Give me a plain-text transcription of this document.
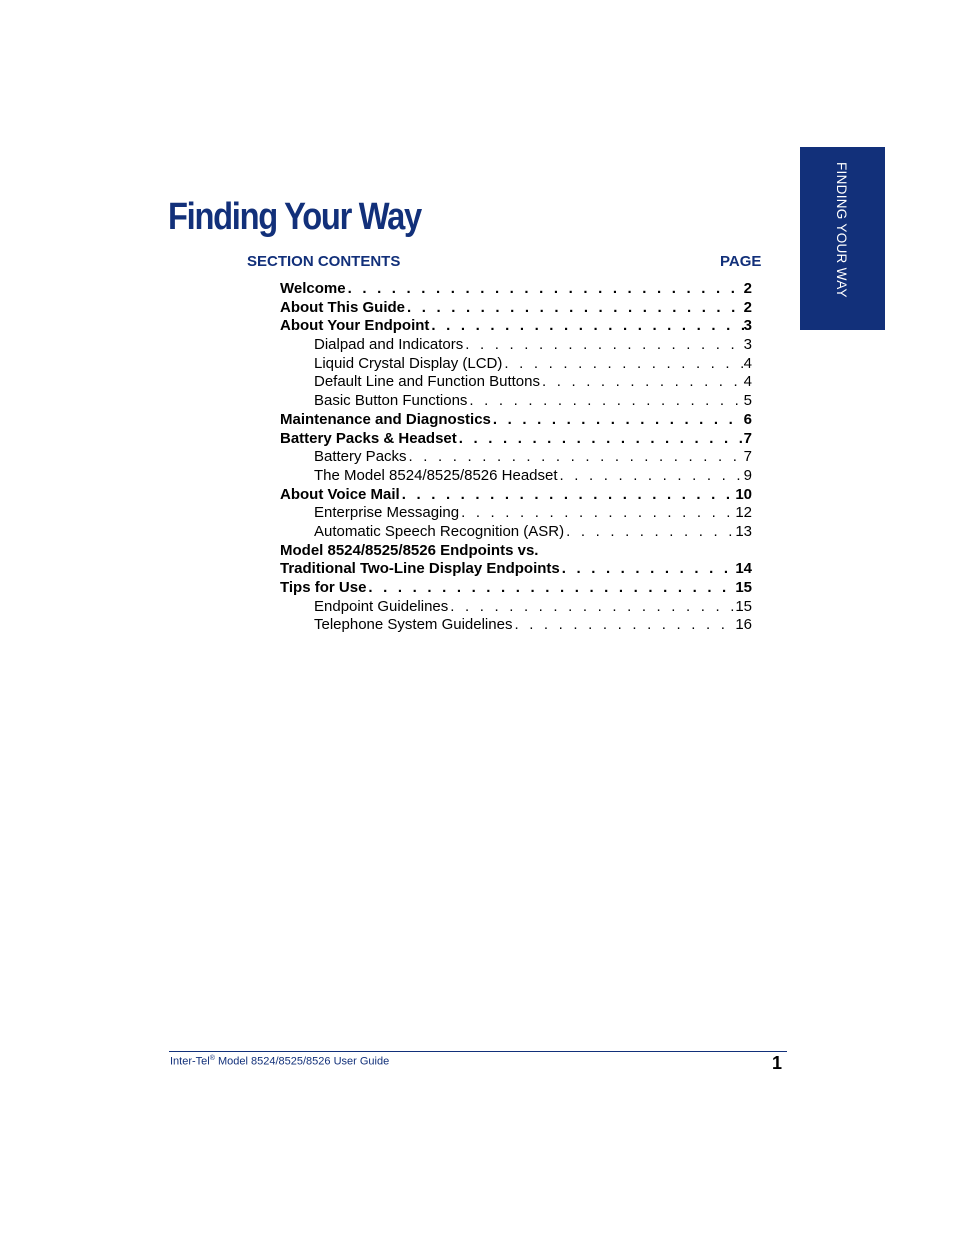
FINDING YOUR WAY
Finding Your Way
SECTION CONTENTS	PAGE
Welcome . . .	2
About This Guide . . .	2
About Your Endpoint . . .	3
Dialpad and Indicators . . .	3
Liquid Crystal Display (LCD) . . .	4
Default Line and Function Buttons . . .	4
Basic Button Functions . . .	5
Maintenance and Diagnostics . . .	6
Battery Packs & Headset . . .	7
Battery Packs . . .	7
The Model 8524/8525/8526 Headset . . .	9
About Voice Mail . . .	10
Enterprise Messaging . . .	12
Automatic Speech Recognition (ASR) . . .	13
Model 8524/8525/8526 Endpoints vs.
Traditional Two-Line Display Endpoints . . .	14
Tips for Use . . .	15
Endpoint Guidelines . . .	15
Telephone System Guidelines . . .	16
Inter-Tel® Model 8524/8525/8526 User Guide	1
